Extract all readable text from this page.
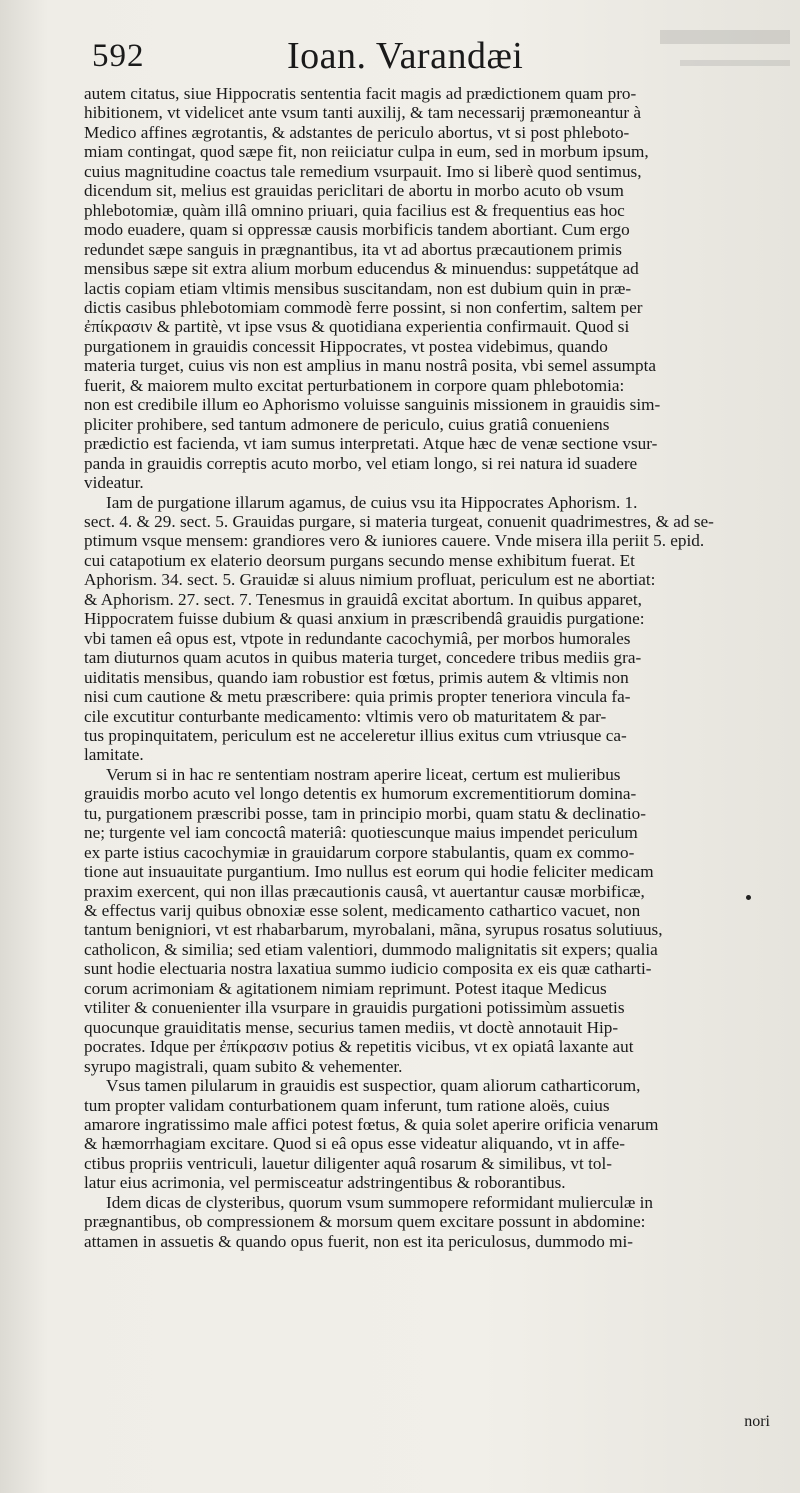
592	Ioan. Varandæi
autem citatus, siue Hippocratis sententia facit magis ad prædictionem quam pro-
hibitionem, vt videlicet ante vsum tanti auxilij, & tam necessarij præmoneantur à
Medico affines ægrotantis, & adstantes de periculo abortus, vt si post phleboto-
miam contingat, quod sæpe fit, non reiiciatur culpa in eum, sed in morbum ipsum,
cuius magnitudine coactus tale remedium vsurpauit. Imo si liberè quod sentimus,
dicendum sit, melius est grauidas periclitari de abortu in morbo acuto ob vsum
phlebotomiæ, quàm illâ omnino priuari, quia facilius est & frequentius eas hoc
modo euadere, quam si oppressæ causis morbificis tandem abortiant. Cum ergo
redundet sæpe sanguis in prægnantibus, ita vt ad abortus præcautionem primis
mensibus sæpe sit extra alium morbum educendus & minuendus: suppetátque ad
lactis copiam etiam vltimis mensibus suscitandam, non est dubium quin in præ-
dictis casibus phlebotomiam commodè ferre possint, si non confertim, saltem per
ἐπίκρασιν & partitè, vt ipse vsus & quotidiana experientia confirmauit. Quod si
purgationem in grauidis concessit Hippocrates, vt postea videbimus, quando
materia turget, cuius vis non est amplius in manu nostrâ posita, vbi semel assumpta
fuerit, & maiorem multo excitat perturbationem in corpore quam phlebotomia:
non est credibile illum eo Aphorismo voluisse sanguinis missionem in grauidis sim-
pliciter prohibere, sed tantum admonere de periculo, cuius gratiâ conueniens
prædictio est facienda, vt iam sumus interpretati. Atque hæc de venæ sectione vsur-
panda in grauidis correptis acuto morbo, vel etiam longo, si rei natura id suadere
videatur.
Iam de purgatione illarum agamus, de cuius vsu ita Hippocrates Aphorism. 1.
sect. 4. & 29. sect. 5. Grauidas purgare, si materia turgeat, conuenit quadrimestres, & ad se-
ptimum vsque mensem: grandiores vero & iuniores cauere. Vnde misera illa periit 5. epid.
cui catapotium ex elaterio deorsum purgans secundo mense exhibitum fuerat. Et
Aphorism. 34. sect. 5. Grauidæ si aluus nimium profluat, periculum est ne abortiat:
& Aphorism. 27. sect. 7. Tenesmus in grauidâ excitat abortum. In quibus apparet,
Hippocratem fuisse dubium & quasi anxium in præscribendâ grauidis purgatione:
vbi tamen eâ opus est, vtpote in redundante cacochymiâ, per morbos humorales
tam diuturnos quam acutos in quibus materia turget, concedere tribus mediis gra-
uiditatis mensibus, quando iam robustior est fœtus, primis autem & vltimis non
nisi cum cautione & metu præscribere: quia primis propter teneriora vincula fa-
cile excutitur conturbante medicamento: vltimis vero ob maturitatem & par-
tus propinquitatem, periculum est ne acceleretur illius exitus cum vtriusque ca-
lamitate.
Verum si in hac re sententiam nostram aperire liceat, certum est mulieribus
grauidis morbo acuto vel longo detentis ex humorum excrementitiorum domina-
tu, purgationem præscribi posse, tam in principio morbi, quam statu & declinatio-
ne; turgente vel iam concoctâ materiâ: quotiescunque maius impendet periculum
ex parte istius cacochymiæ in grauidarum corpore stabulantis, quam ex commo-
tione aut insuauitate purgantium. Imo nullus est eorum qui hodie feliciter medicam
praxim exercent, qui non illas præcautionis causâ, vt auertantur causæ morbificæ,
& effectus varij quibus obnoxiæ esse solent, medicamento cathartico vacuet, non
tantum benigniori, vt est rhabarbarum, myrobalani, mãna, syrupus rosatus solutiuus,
catholicon, & similia; sed etiam valentiori, dummodo malignitatis sit expers; qualia
sunt hodie electuaria nostra laxatiua summo iudicio composita ex eis quæ catharti-
corum acrimoniam & agitationem nimiam reprimunt. Potest itaque Medicus
vtiliter & conuenienter illa vsurpare in grauidis purgationi potissimùm assuetis
quocunque grauiditatis mense, securius tamen mediis, vt doctè annotauit Hip-
pocrates. Idque per ἐπίκρασιν potius & repetitis vicibus, vt ex opiatâ laxante aut
syrupo magistrali, quam subito & vehementer.
Vsus tamen pilularum in grauidis est suspectior, quam aliorum catharticorum,
tum propter validam conturbationem quam inferunt, tum ratione aloës, cuius
amarore ingratissimo male affici potest fœtus, & quia solet aperire orificia venarum
& hæmorrhagiam excitare. Quod si eâ opus esse videatur aliquando, vt in affe-
ctibus propriis ventriculi, lauetur diligenter aquâ rosarum & similibus, vt tol-
latur eius acrimonia, vel permisceatur adstringentibus & roborantibus.
Idem dicas de clysteribus, quorum vsum summopere reformidant mulierculæ in
prægnantibus, ob compressionem & morsum quem excitare possunt in abdomine:
attamen in assuetis & quando opus fuerit, non est ita periculosus, dummodo mi-
nori
